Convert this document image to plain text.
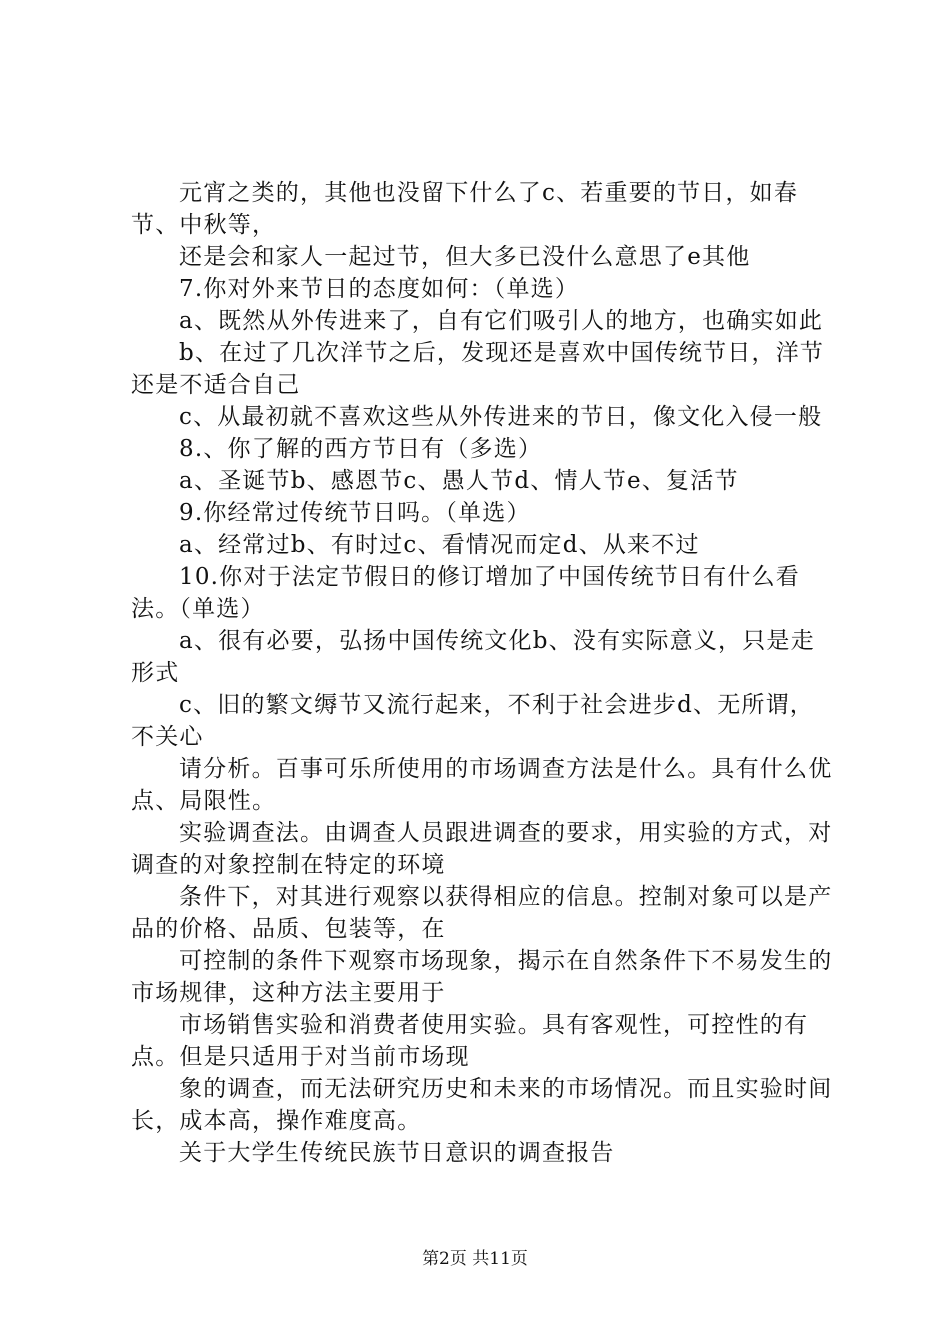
元宵之类的，其他也没留下什么了c、若重要的节日，如春节、中秋等，

还是会和家人一起过节，但大多已没什么意思了e其他

7.你对外来节日的态度如何：（单选）

a、既然从外传进来了，自有它们吸引人的地方，也确实如此

b、在过了几次洋节之后，发现还是喜欢中国传统节日，洋节还是不适合自己

c、从最初就不喜欢这些从外传进来的节日，像文化入侵一般

8.、你了解的西方节日有（多选）

a、圣诞节b、感恩节c、愚人节d、情人节e、复活节

9.你经常过传统节日吗。（单选）

a、经常过b、有时过c、看情况而定d、从来不过

10.你对于法定节假日的修订增加了中国传统节日有什么看法。（单选）

a、很有必要，弘扬中国传统文化b、没有实际意义，只是走形式

c、旧的繁文缛节又流行起来，不利于社会进步d、无所谓，不关心

请分析。百事可乐所使用的市场调查方法是什么。具有什么优点、局限性。

实验调查法。由调查人员跟进调查的要求，用实验的方式，对调查的对象控制在特定的环境

条件下，对其进行观察以获得相应的信息。控制对象可以是产品的价格、品质、包装等，在

可控制的条件下观察市场现象，揭示在自然条件下不易发生的市场规律，这种方法主要用于

市场销售实验和消费者使用实验。具有客观性，可控性的有点。但是只适用于对当前市场现

象的调查，而无法研究历史和未来的市场情况。而且实验时间长，成本高，操作难度高。

关于大学生传统民族节日意识的调查报告

第2页 共11页
